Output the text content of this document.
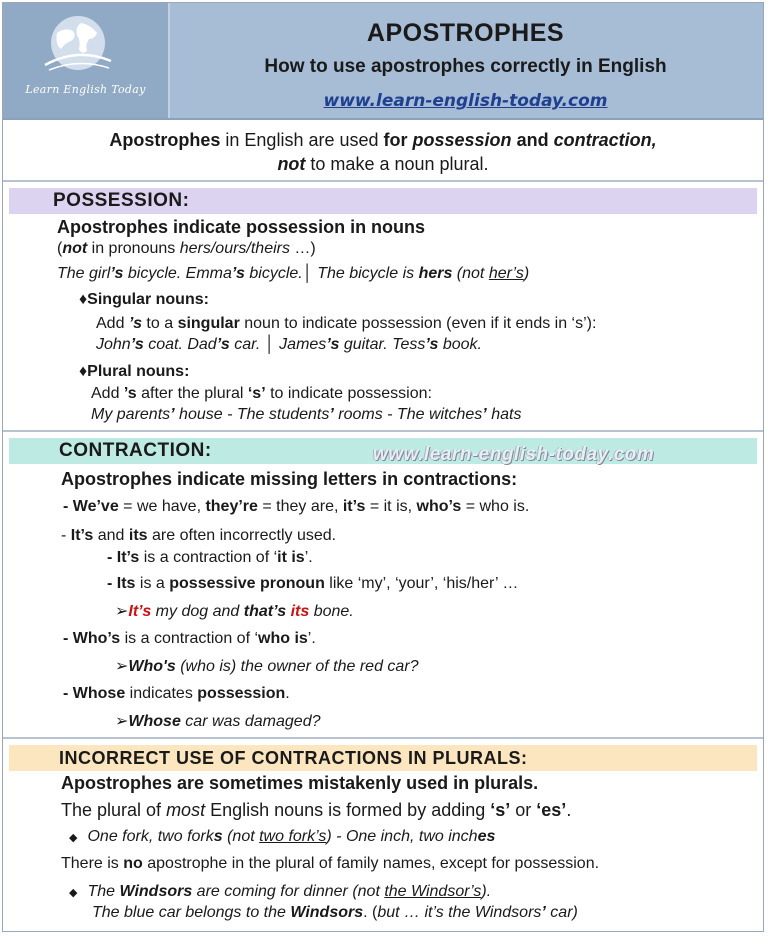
Learn English Today
APOSTROPHES
How to use apostrophes correctly in English
www.learn-english-today.com
Apostrophes in English are used for possession and contraction,
not to make a noun plural.
POSSESSION:
Apostrophes indicate possession in nouns
(not in pronouns hers/ours/theirs …)
The girl’s bicycle. Emma’s bicycle.│ The bicycle is hers (not her’s)
♦Singular nouns:
Add ’s to a singular noun to indicate possession (even if it ends in ‘s’):
John’s coat. Dad’s car. │ James’s guitar. Tess’s book.
♦Plural nouns:
Add ’s after the plural ‘s’ to indicate possession:
My parents’ house - The students’ rooms - The witches’ hats
CONTRACTION:	www.learn-english-today.com
Apostrophes indicate missing letters in contractions:
- We’ve = we have, they’re = they are, it’s = it is, who’s = who is.
- It’s and its are often incorrectly used.
- It’s is a contraction of ‘it is’.
- Its is a possessive pronoun like ‘my’, ‘your’, ‘his/her’ …
➢It’s my dog and that’s its bone.
- Who’s is a contraction of ‘who is’.
➢Who's (who is) the owner of the red car?
- Whose indicates possession.
➢Whose car was damaged?
INCORRECT USE OF CONTRACTIONS IN PLURALS:
Apostrophes are sometimes mistakenly used in plurals.
The plural of most English nouns is formed by adding ‘s’ or ‘es’.
◆ One fork, two forks (not two fork’s) - One inch, two inches
There is no apostrophe in the plural of family names, except for possession.
◆ The Windsors are coming for dinner (not the Windsor’s).
The blue car belongs to the Windsors. (but … it’s the Windsors’ car)
